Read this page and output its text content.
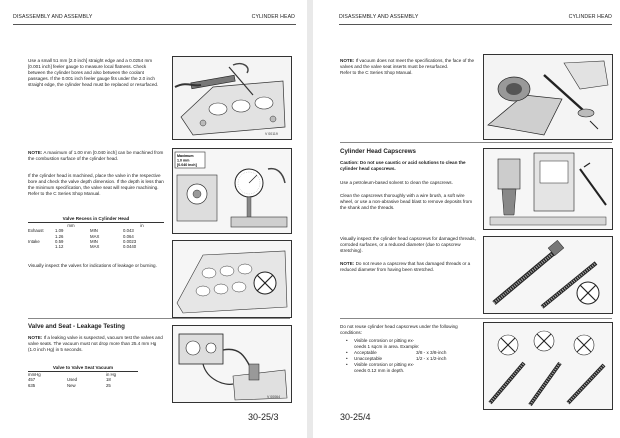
DISASSEMBLY AND ASSEMBLY	CYLINDER HEAD

Use a small 51 mm [2.0 inch] straight edge and a 0.0254 mm [0.001 inch] feeler gauge to measure local flatness. Check between the cylinder bores and also between the coolant passages. If the 0.001 inch feeler gauge fits under the 2.0 inch straight edge, the cylinder head must be replaced or resurfaced.

V 00119

NOTE: A maximum of 1.00 mm [0.040 inch] can be machined from the combustion surface of the cylinder head.

If the cylinder head is machined, place the valve in the respective bore and check the valve depth dimension. If the depth is less than the minimum specification, the valve seat will require machining. Refer to the C Series Shop Manual.

Maximum
1.0 mm
[0.040 inch]
Valve Recess in Cylinder Head
	mm		in
Exhaust	1.09	MIN	0.043
	1.26	MAX	0.064
Intake	0.59	MIN	0.0023
	1.12	MAX	0.0440

Visually inspect the valves for indications of leakage or burning.

Valve and Seat - Leakage Testing

NOTE: If a leaking valve is suspected, vacuum test the valves and valve seats. The vacuum must not drop more than 25.4 mm Hg (1.0 inch Hg) in 5 seconds.

Valve to Valve Seat Vacuum
mmHg		in Hg
457	Used	18
635	New	25
V 00064
30-25/3
DISASSEMBLY AND ASSEMBLY	CYLINDER HEAD

NOTE: If vacuum does not meet the specifications, the face of the valves and the valve seat inserts must be resurfaced.

Refer to the C Series Shop Manual.

Cylinder Head Capscrews
Caution: Do not use caustic or acid solutions to clean the cylinder head capscrews.
Use a petroleum-based solvent to clean the capscrews.
Clean the capscrews thoroughly with a wire brush, a soft wire wheel, or use a non-abrasive bead blast to remove deposits from the shank and the threads.
Visually inspect the cylinder head capscrews for damaged threads, corroded surfaces, or a reduced diameter (due to capscrew stretching).

NOTE: Do not reuse a capscrew that has damaged threads or a reduced diameter from having been stretched.

Do not reuse cylinder head capscrews under the following conditions:
•	Visible corrosion or pitting ex-
ceeds 1 sqcm in area. Example:
•	Acceptable	3/8 - x 3/8-inch
•	Unacceptable	1/2 - x 1/2-inch
•	Visible corrosion or pitting ex-
ceeds 0.12 mm in depth.
30-25/4
